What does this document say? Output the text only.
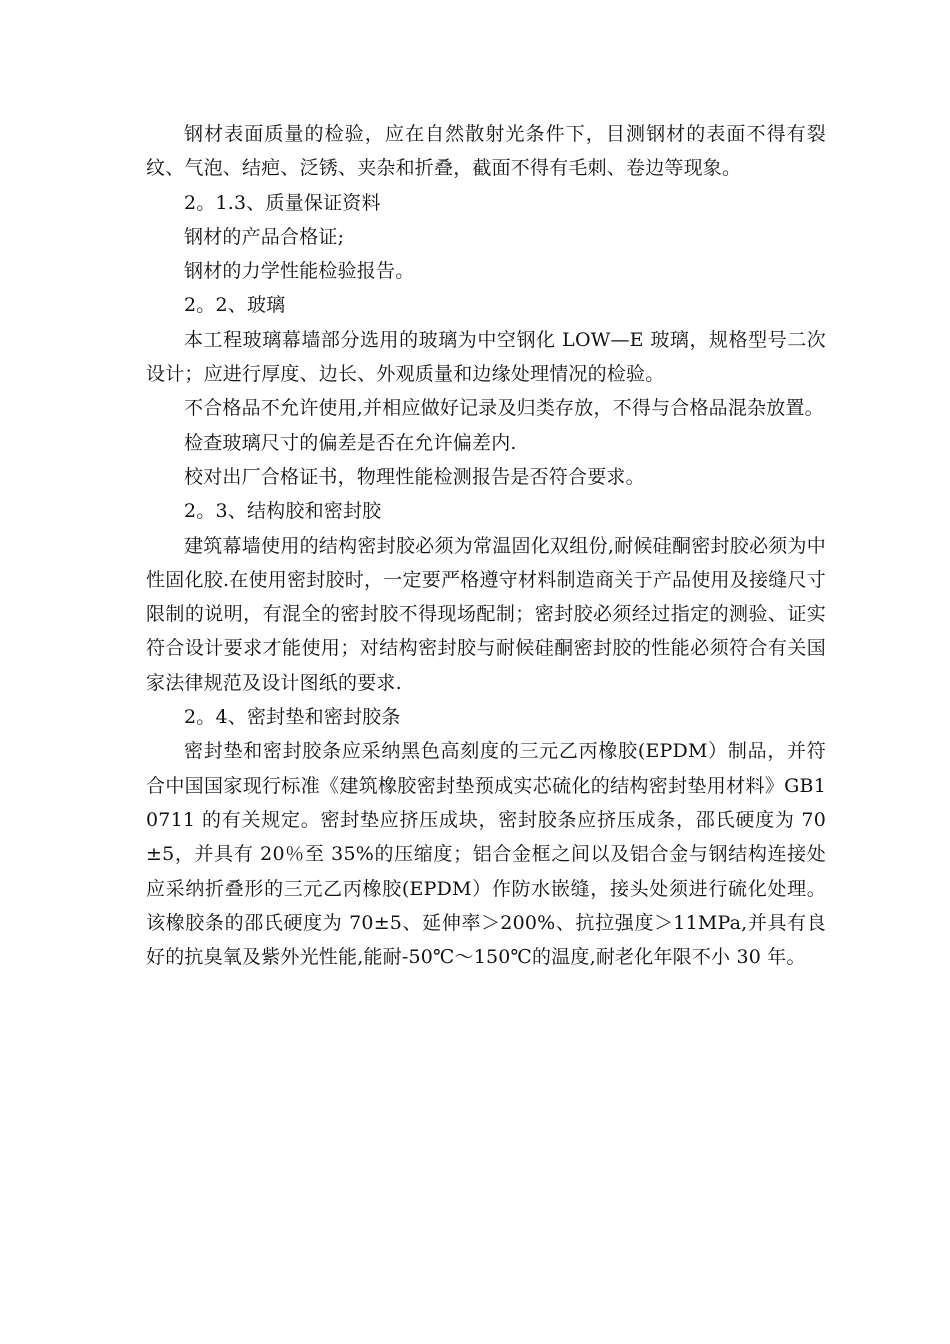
钢材表面质量的检验，应在自然散射光条件下，目测钢材的表面不得有裂纹、气泡、结疤、泛锈、夹杂和折叠，截面不得有毛刺、卷边等现象。

2。1.3、质量保证资料

钢材的产品合格证;

钢材的力学性能检验报告。

2。2、玻璃

本工程玻璃幕墙部分选用的玻璃为中空钢化 LOW—E 玻璃，规格型号二次设计；应进行厚度、边长、外观质量和边缘处理情况的检验。

不合格品不允许使用,并相应做好记录及归类存放，不得与合格品混杂放置。

检查玻璃尺寸的偏差是否在允许偏差内.

校对出厂合格证书，物理性能检测报告是否符合要求。

2。3、结构胶和密封胶

建筑幕墙使用的结构密封胶必须为常温固化双组份,耐候硅酮密封胶必须为中性固化胶.在使用密封胶时，一定要严格遵守材料制造商关于产品使用及接缝尺寸限制的说明，有混全的密封胶不得现场配制；密封胶必须经过指定的测验、证实符合设计要求才能使用；对结构密封胶与耐候硅酮密封胶的性能必须符合有关国家法律规范及设计图纸的要求.

2。4、密封垫和密封胶条

密封垫和密封胶条应采纳黑色高刻度的三元乙丙橡胶(EPDM）制品，并符合中国国家现行标准《建筑橡胶密封垫预成实芯硫化的结构密封垫用材料》GB10711 的有关规定。密封垫应挤压成块，密封胶条应挤压成条，邵氏硬度为 70±5，并具有 20％至 35%的压缩度；铝合金框之间以及铝合金与钢结构连接处应采纳折叠形的三元乙丙橡胶(EPDM）作防水嵌缝，接头处须进行硫化处理。该橡胶条的邵氏硬度为 70±5、延伸率＞200%、抗拉强度＞11MPa,并具有良好的抗臭氧及紫外光性能,能耐-50℃～150℃的温度,耐老化年限不小 30 年。
